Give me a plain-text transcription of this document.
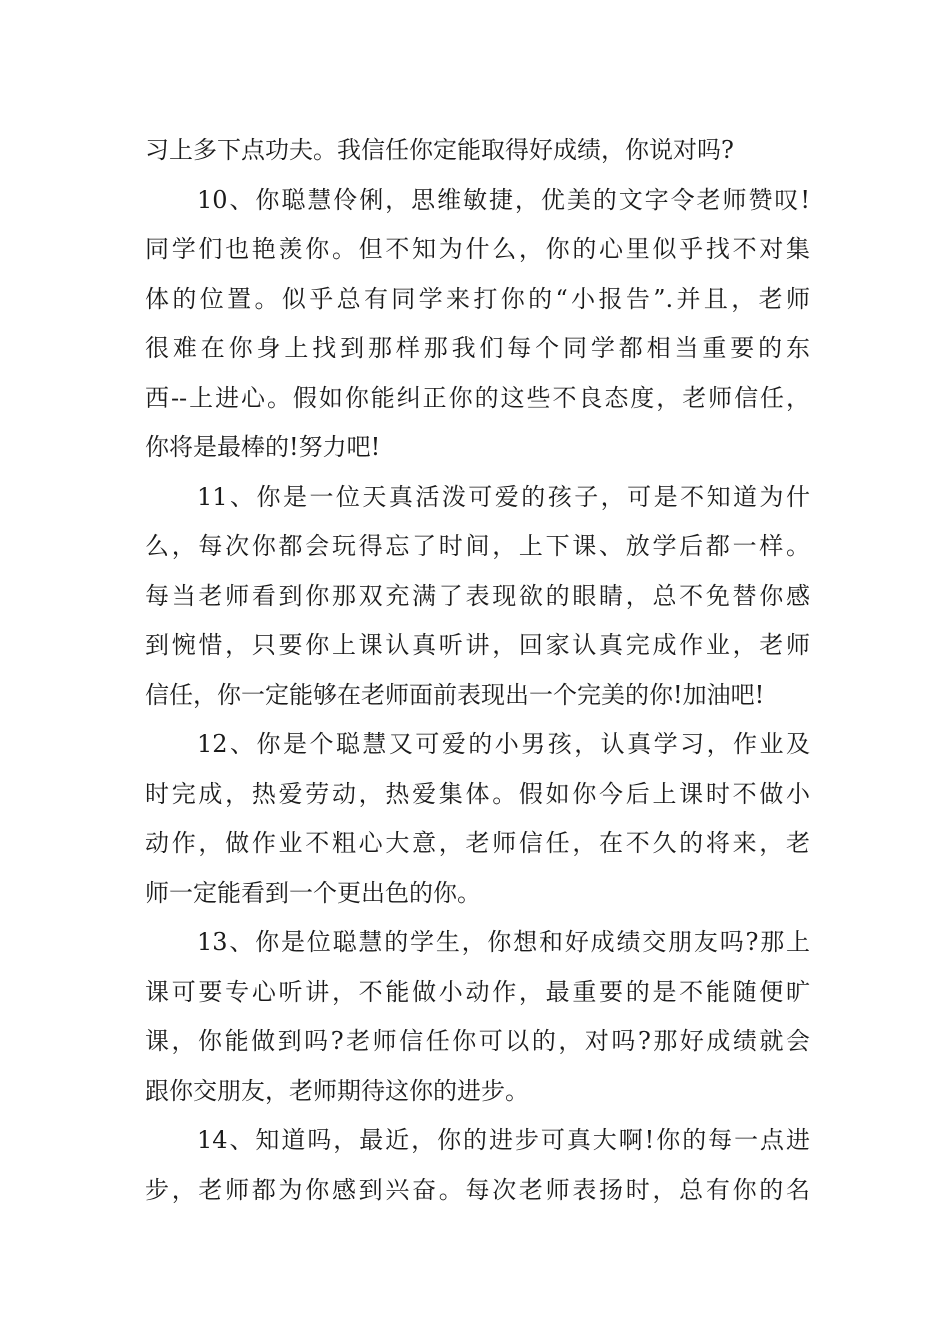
习上多下点功夫。我信任你定能取得好成绩，你说对吗?
10、你聪慧伶俐，思维敏捷，优美的文字令老师赞叹!
同学们也艳羡你。但不知为什么，你的心里似乎找不对集
体的位置。似乎总有同学来打你的“小报告”.并且，老师
很难在你身上找到那样那我们每个同学都相当重要的东
西--上进心。假如你能纠正你的这些不良态度，老师信任，
你将是最棒的!努力吧!
11、你是一位天真活泼可爱的孩子，可是不知道为什
么，每次你都会玩得忘了时间，上下课、放学后都一样。
每当老师看到你那双充满了表现欲的眼睛，总不免替你感
到惋惜，只要你上课认真听讲，回家认真完成作业，老师
信任，你一定能够在老师面前表现出一个完美的你!加油吧!
12、你是个聪慧又可爱的小男孩，认真学习，作业及
时完成，热爱劳动，热爱集体。假如你今后上课时不做小
动作，做作业不粗心大意，老师信任，在不久的将来，老
师一定能看到一个更出色的你。
13、你是位聪慧的学生，你想和好成绩交朋友吗?那上
课可要专心听讲，不能做小动作，最重要的是不能随便旷
课，你能做到吗?老师信任你可以的，对吗?那好成绩就会
跟你交朋友，老师期待这你的进步。
14、知道吗，最近，你的进步可真大啊!你的每一点进
步，老师都为你感到兴奋。每次老师表扬时，总有你的名
